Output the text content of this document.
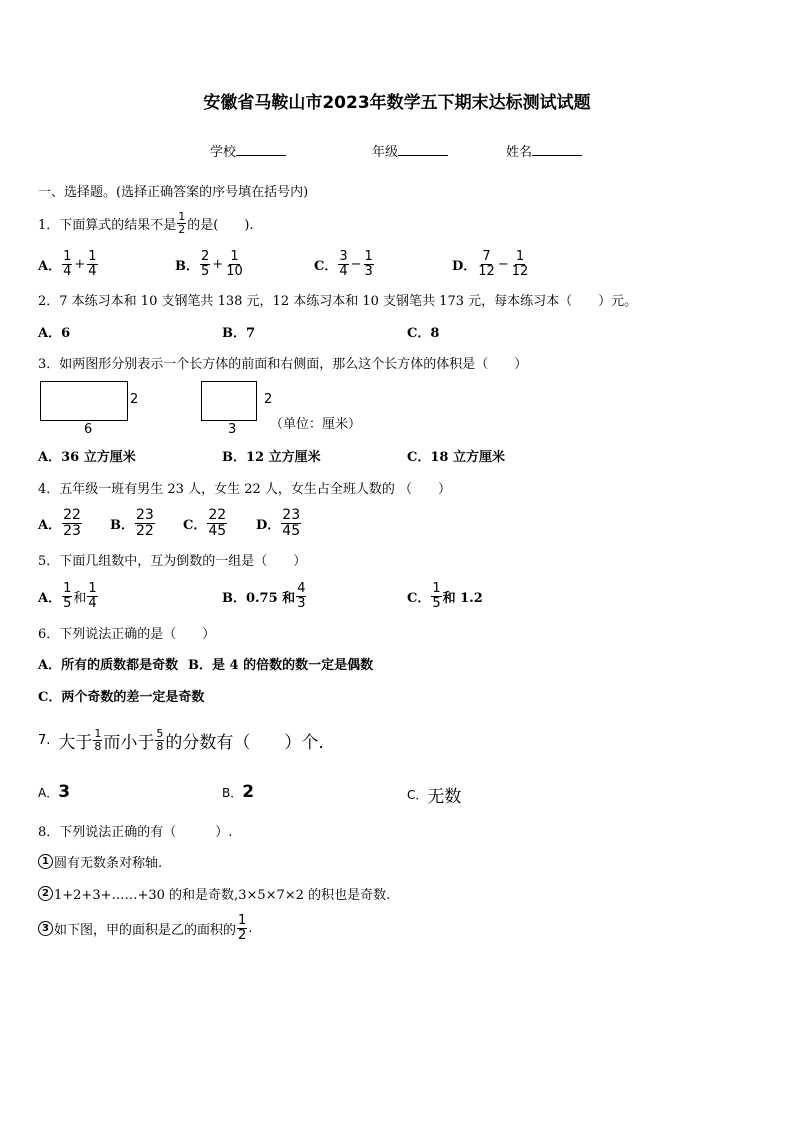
安徽省马鞍山市2023年数学五下期末达标测试试题
学校	年级	姓名
一、选择题。(选择正确答案的序号填在括号内)
1．下面算式的结果不是 $\frac{1}{2}$ 的是(　　).
A． $\frac{1}{4} + \frac{1}{4}$	B． $\frac{2}{5} + \frac{1}{10}$	C． $\frac{3}{4} - \frac{1}{3}$	D． $\frac{7}{12} - \frac{1}{12}$
2．7 本练习本和 10 支钢笔共 138 元，12 本练习本和 10 支钢笔共 173 元，每本练习本（　　）元。
A．6	B．7	C．8
3．如两图形分别表示一个长方体的前面和右侧面，那么这个长方体的体积是（　　）
2
6
2
3	（单位：厘米）
A．36 立方厘米	B．12 立方厘米	C．18 立方厘米
4．五年级一班有男生 23 人，女生 22 人，女生占全班人数的 （　　）
A． $\frac{22}{23}$ B． $\frac{23}{22}$ C． $\frac{22}{45}$ D． $\frac{23}{45}$
5．下面几组数中，互为倒数的一组是（　　）
A． $\frac{1}{5}$ 和 $\frac{1}{4}$	B．0.75 和 $\frac{4}{3}$	C． $\frac{1}{5}$ 和 1.2
6．下列说法正确的是（　　）
A．所有的质数都是奇数 B．是 4 的倍数的数一定是偶数
C．两个奇数的差一定是奇数
7. 大于 $\frac{1}{8}$ 而小于 $\frac{5}{8}$ 的分数有（　　）个.
A． 3	B． 2	C． 无数
8．下列说法正确的有（　　　）.
1 圆有无数条对称轴.
2 1+2+3+……+30 的和是奇数,3×5×7×2 的积也是奇数.
3 如下图，甲的面积是乙的面积的 $\frac{1}{2}$ .
